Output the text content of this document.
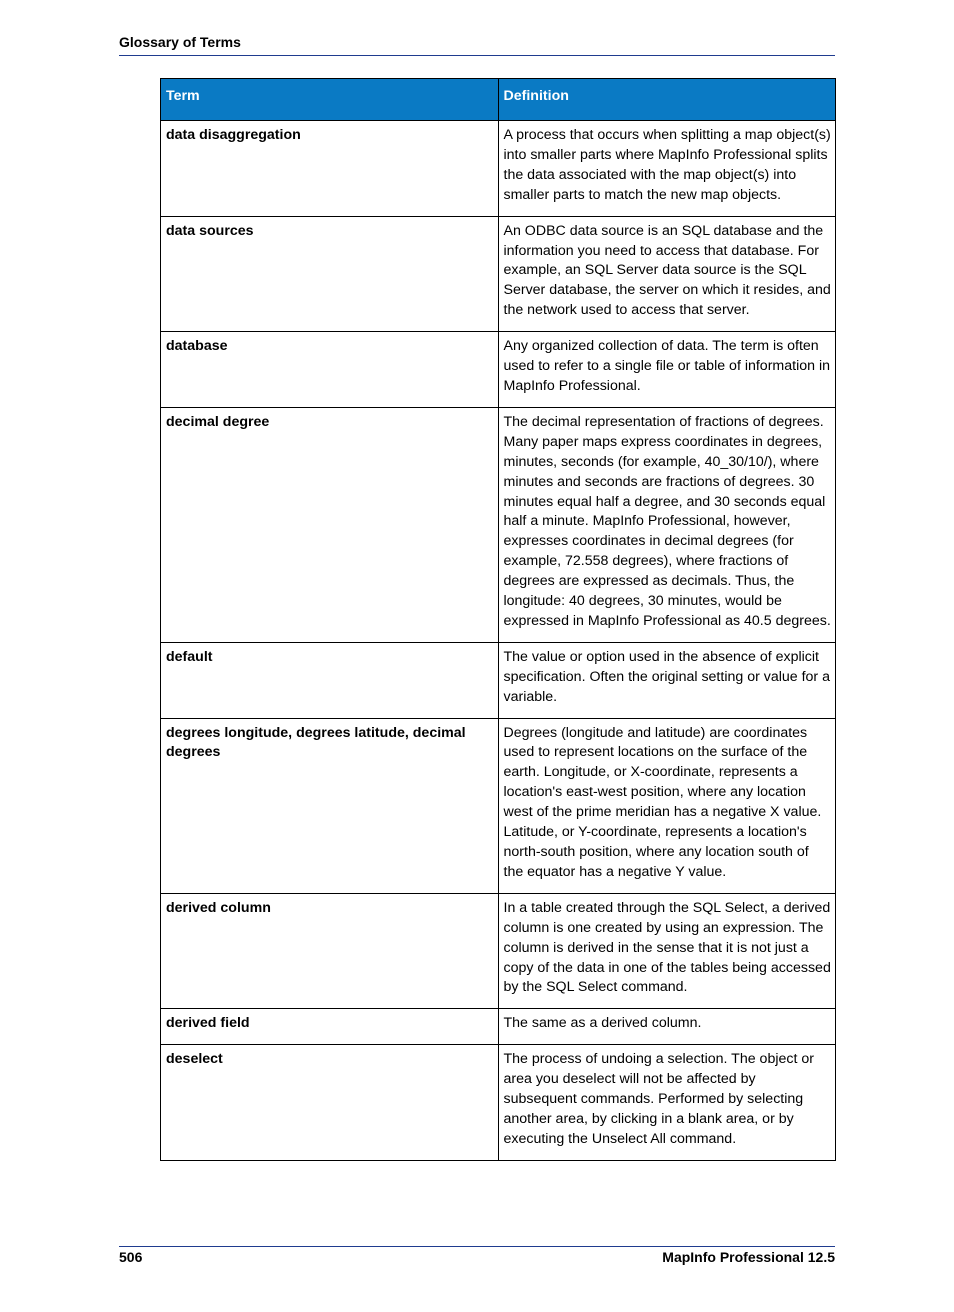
Glossary of Terms
Term	Definition
data disaggregation	A process that occurs when splitting a map object(s) into smaller parts where MapInfo Professional splits the data associated with the map object(s) into smaller parts to match the new map objects.
data sources	An ODBC data source is an SQL database and the information you need to access that database. For example, an SQL Server data source is the SQL Server database, the server on which it resides, and the network used to access that server.
database	Any organized collection of data. The term is often used to refer to a single file or table of information in MapInfo Professional.
decimal degree	The decimal representation of fractions of degrees. Many paper maps express coordinates in degrees, minutes, seconds (for example, 40_30/10/), where minutes and seconds are fractions of degrees. 30 minutes equal half a degree, and 30 seconds equal half a minute. MapInfo Professional, however, expresses coordinates in decimal degrees (for example, 72.558 degrees), where fractions of degrees are expressed as decimals. Thus, the longitude: 40 degrees, 30 minutes, would be expressed in MapInfo Professional as 40.5 degrees.
default	The value or option used in the absence of explicit specification. Often the original setting or value for a variable.
degrees longitude, degrees latitude, decimal degrees	Degrees (longitude and latitude) are coordinates used to represent locations on the surface of the earth. Longitude, or X-coordinate, represents a location's east-west position, where any location west of the prime meridian has a negative X value. Latitude, or Y-coordinate, represents a location's north-south position, where any location south of the equator has a negative Y value.
derived column	In a table created through the SQL Select, a derived column is one created by using an expression. The column is derived in the sense that it is not just a copy of the data in one of the tables being accessed by the SQL Select command.
derived field	The same as a derived column.
deselect	The process of undoing a selection. The object or area you deselect will not be affected by subsequent commands. Performed by selecting another area, by clicking in a blank area, or by executing the Unselect All command.
506	MapInfo Professional 12.5
